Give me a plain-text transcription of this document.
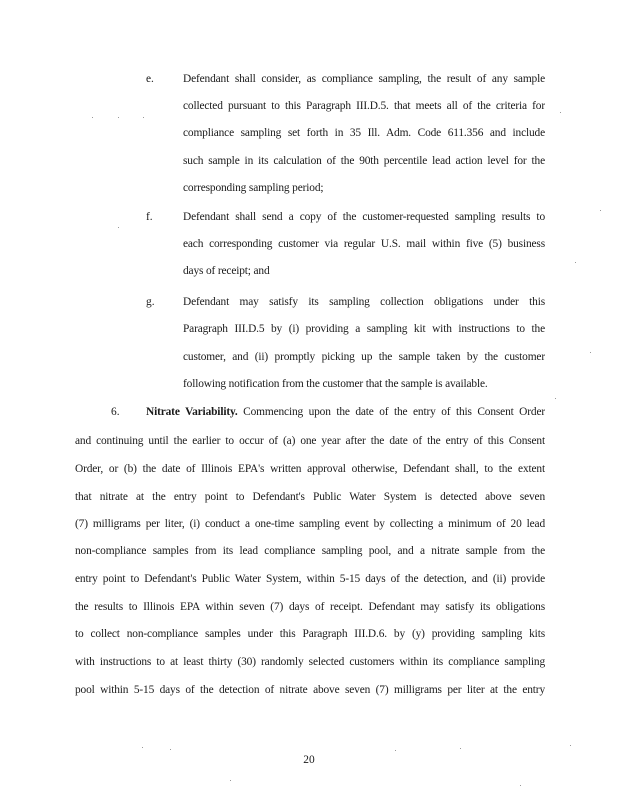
e.	Defendant shall consider, as compliance sampling, the result of any sample
collected pursuant to this Paragraph III.D.5. that meets all of the criteria for
compliance sampling set forth in 35 Ill. Adm. Code 611.356 and include
such sample in its calculation of the 90th percentile lead action level for the
corresponding sampling period;
f.	Defendant shall send a copy of the customer-requested sampling results to
each corresponding customer via regular U.S. mail within five (5) business
days of receipt; and
g. Defendant may satisfy its sampling collection obligations under this
Paragraph III.D.5 by (i) providing a sampling kit with instructions to the
customer, and (ii) promptly picking up the sample taken by the customer
following notification from the customer that the sample is available.
6. Nitrate Variability. Commencing upon the date of the entry of this Consent Order
and continuing until the earlier to occur of (a) one year after the date of the entry of this Consent
Order, or (b) the date of Illinois EPA's written approval otherwise, Defendant shall, to the extent
that nitrate at the entry point to Defendant's Public Water System is detected above seven
(7) milligrams per liter, (i) conduct a one-time sampling event by collecting a minimum of 20 lead
non-compliance samples from its lead compliance sampling pool, and a nitrate sample from the
entry point to Defendant's Public Water System, within 5-15 days of the detection, and (ii) provide
the results to Illinois EPA within seven (7) days of receipt. Defendant may satisfy its obligations
to collect non-compliance samples under this Paragraph III.D.6. by (y) providing sampling kits
with instructions to at least thirty (30) randomly selected customers within its compliance sampling
pool within 5-15 days of the detection of nitrate above seven (7) milligrams per liter at the entry
20
